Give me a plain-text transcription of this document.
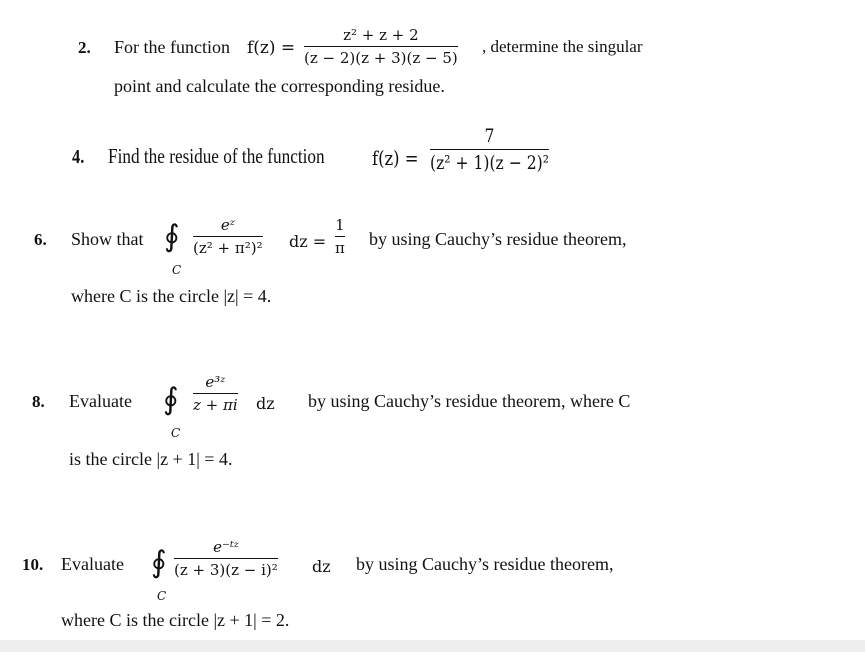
2. For the function f(z) =
z² + z + 2
(z − 2)(z + 3)(z − 5)
, determine the singular
point and calculate the corresponding residue.
4. Find the residue of the function f(z) =
7
(z² + 1)(z − 2)²
6. Show that ∮
C
eᶻ
(z² + π²)² dz =
1
π by using Cauchy’s residue theorem,
where C is the circle |z| = 4.
8. Evaluate ∮
C
e³ᶻ
z + πi dz by using Cauchy’s residue theorem, where C
is the circle |z + 1| = 4.
10. Evaluate ∮
C
e⁻ᵗᶻ
(z + 3)(z − i)² dz by using Cauchy’s residue theorem,
where C is the circle |z + 1| = 2.
